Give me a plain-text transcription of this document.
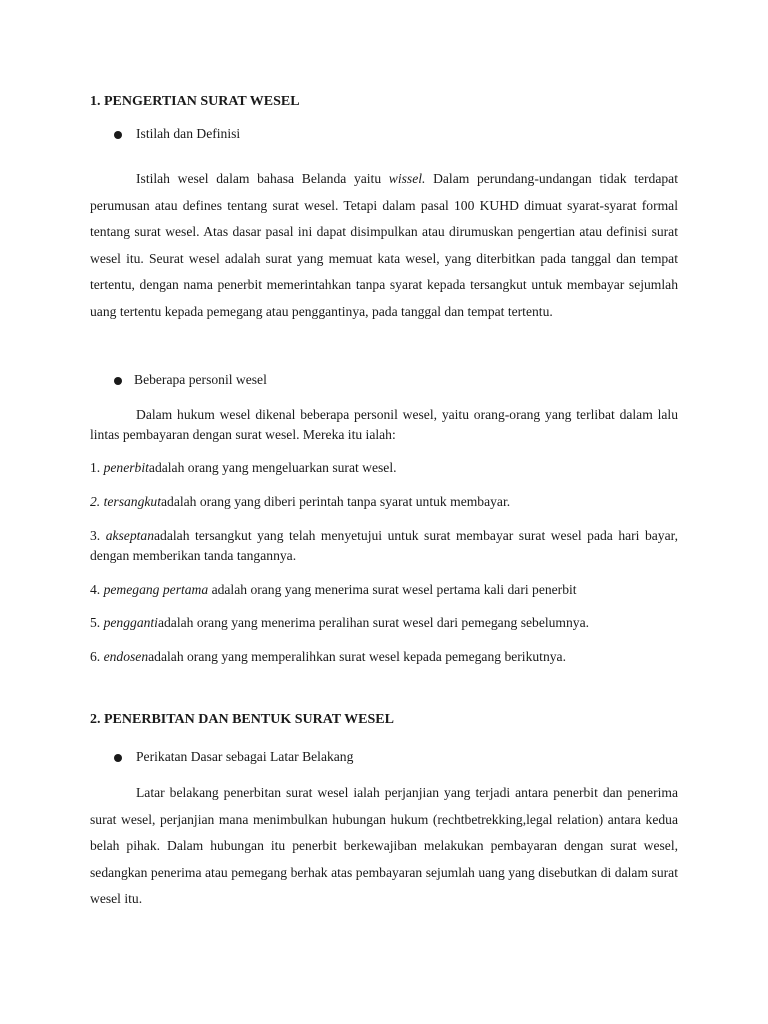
1. PENGERTIAN SURAT WESEL
Istilah dan Definisi

Istilah wesel dalam bahasa Belanda yaitu wissel. Dalam perundang-undangan tidak terdapat perumusan atau defines tentang surat wesel. Tetapi dalam pasal 100 KUHD dimuat syarat-syarat formal tentang surat wesel. Atas dasar pasal ini dapat disimpulkan atau dirumuskan pengertian atau definisi surat wesel itu. Seurat wesel adalah surat yang memuat kata wesel, yang diterbitkan pada tanggal dan tempat tertentu, dengan nama penerbit memerintahkan tanpa syarat kepada tersangkut untuk membayar sejumlah uang tertentu kepada pemegang atau penggantinya, pada tanggal dan tempat tertentu.

Beberapa personil wesel

Dalam hukum wesel dikenal beberapa personil wesel, yaitu orang-orang yang terlibat dalam lalu lintas pembayaran dengan surat wesel. Mereka itu ialah:

1. penerbitadalah orang yang mengeluarkan surat wesel.

2. tersangkutadalah orang yang diberi perintah tanpa syarat untuk membayar.

3. akseptanadalah tersangkut yang telah menyetujui untuk surat membayar surat wesel pada hari bayar, dengan memberikan tanda tangannya.

4. pemegang pertama adalah orang yang menerima surat wesel pertama kali dari penerbit

5. penggantiadalah orang yang menerima peralihan surat wesel dari pemegang sebelumnya.

6. endosenadalah orang yang memperalihkan surat wesel kepada pemegang berikutnya.

2. PENERBITAN DAN BENTUK SURAT WESEL
Perikatan Dasar sebagai Latar Belakang

Latar belakang penerbitan surat wesel ialah perjanjian yang terjadi antara penerbit dan penerima surat wesel, perjanjian mana menimbulkan hubungan hukum (rechtbetrekking,legal relation) antara kedua belah pihak. Dalam hubungan itu penerbit berkewajiban melakukan pembayaran dengan surat wesel, sedangkan penerima atau pemegang berhak atas pembayaran sejumlah uang yang disebutkan di dalam surat wesel itu.
